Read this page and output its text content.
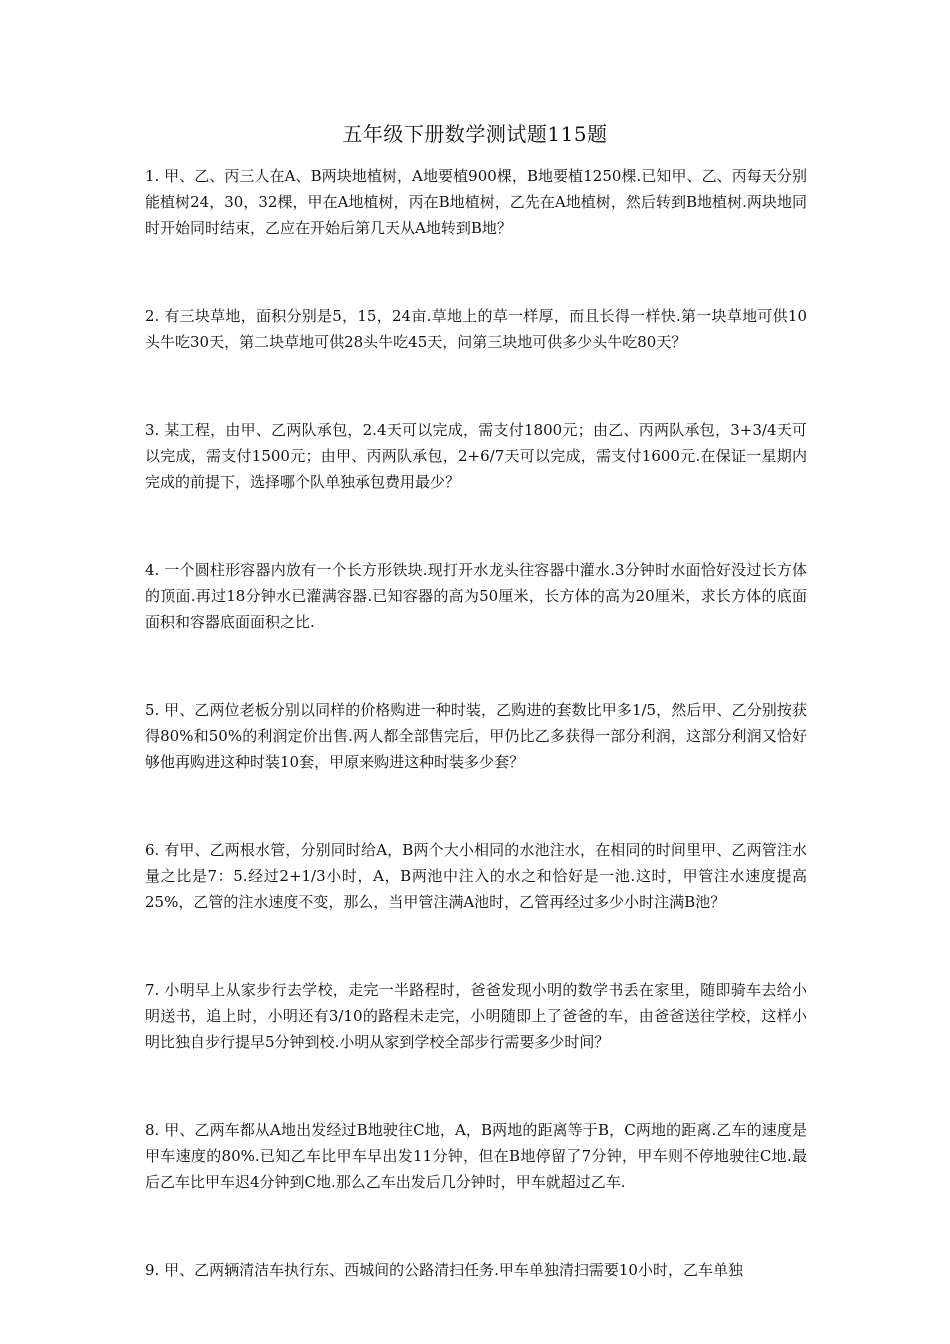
五年级下册数学测试题115题

1. 甲、乙、丙三人在A、B两块地植树，A地要植900棵，B地要植1250棵.已知甲、乙、丙每天分别能植树24，30，32棵，甲在A地植树，丙在B地植树，乙先在A地植树，然后转到B地植树.两块地同时开始同时结束，乙应在开始后第几天从A地转到B地？

2. 有三块草地，面积分别是5，15，24亩.草地上的草一样厚，而且长得一样快.第一块草地可供10头牛吃30天，第二块草地可供28头牛吃45天，问第三块地可供多少头牛吃80天？

3. 某工程，由甲、乙两队承包，2.4天可以完成，需支付1800元；由乙、丙两队承包，3+3/4天可以完成，需支付1500元；由甲、丙两队承包，2+6/7天可以完成，需支付1600元.在保证一星期内完成的前提下，选择哪个队单独承包费用最少？

4. 一个圆柱形容器内放有一个长方形铁块.现打开水龙头往容器中灌水.3分钟时水面恰好没过长方体的顶面.再过18分钟水已灌满容器.已知容器的高为50厘米，长方体的高为20厘米，求长方体的底面面积和容器底面面积之比.

5. 甲、乙两位老板分别以同样的价格购进一种时装，乙购进的套数比甲多1/5，然后甲、乙分别按获得80%和50%的利润定价出售.两人都全部售完后，甲仍比乙多获得一部分利润，这部分利润又恰好够他再购进这种时装10套，甲原来购进这种时装多少套？

6. 有甲、乙两根水管，分别同时给A，B两个大小相同的水池注水，在相同的时间里甲、乙两管注水量之比是7：5.经过2+1/3小时，A，B两池中注入的水之和恰好是一池.这时，甲管注水速度提高25%，乙管的注水速度不变，那么，当甲管注满A池时，乙管再经过多少小时注满B池？

7. 小明早上从家步行去学校，走完一半路程时，爸爸发现小明的数学书丢在家里，随即骑车去给小明送书，追上时，小明还有3/10的路程未走完，小明随即上了爸爸的车，由爸爸送往学校，这样小明比独自步行提早5分钟到校.小明从家到学校全部步行需要多少时间？

8. 甲、乙两车都从A地出发经过B地驶往C地，A，B两地的距离等于B，C两地的距离.乙车的速度是甲车速度的80%.已知乙车比甲车早出发11分钟，但在B地停留了7分钟，甲车则不停地驶往C地.最后乙车比甲车迟4分钟到C地.那么乙车出发后几分钟时，甲车就超过乙车.

9. 甲、乙两辆清洁车执行东、西城间的公路清扫任务.甲车单独清扫需要10小时，乙车单独
